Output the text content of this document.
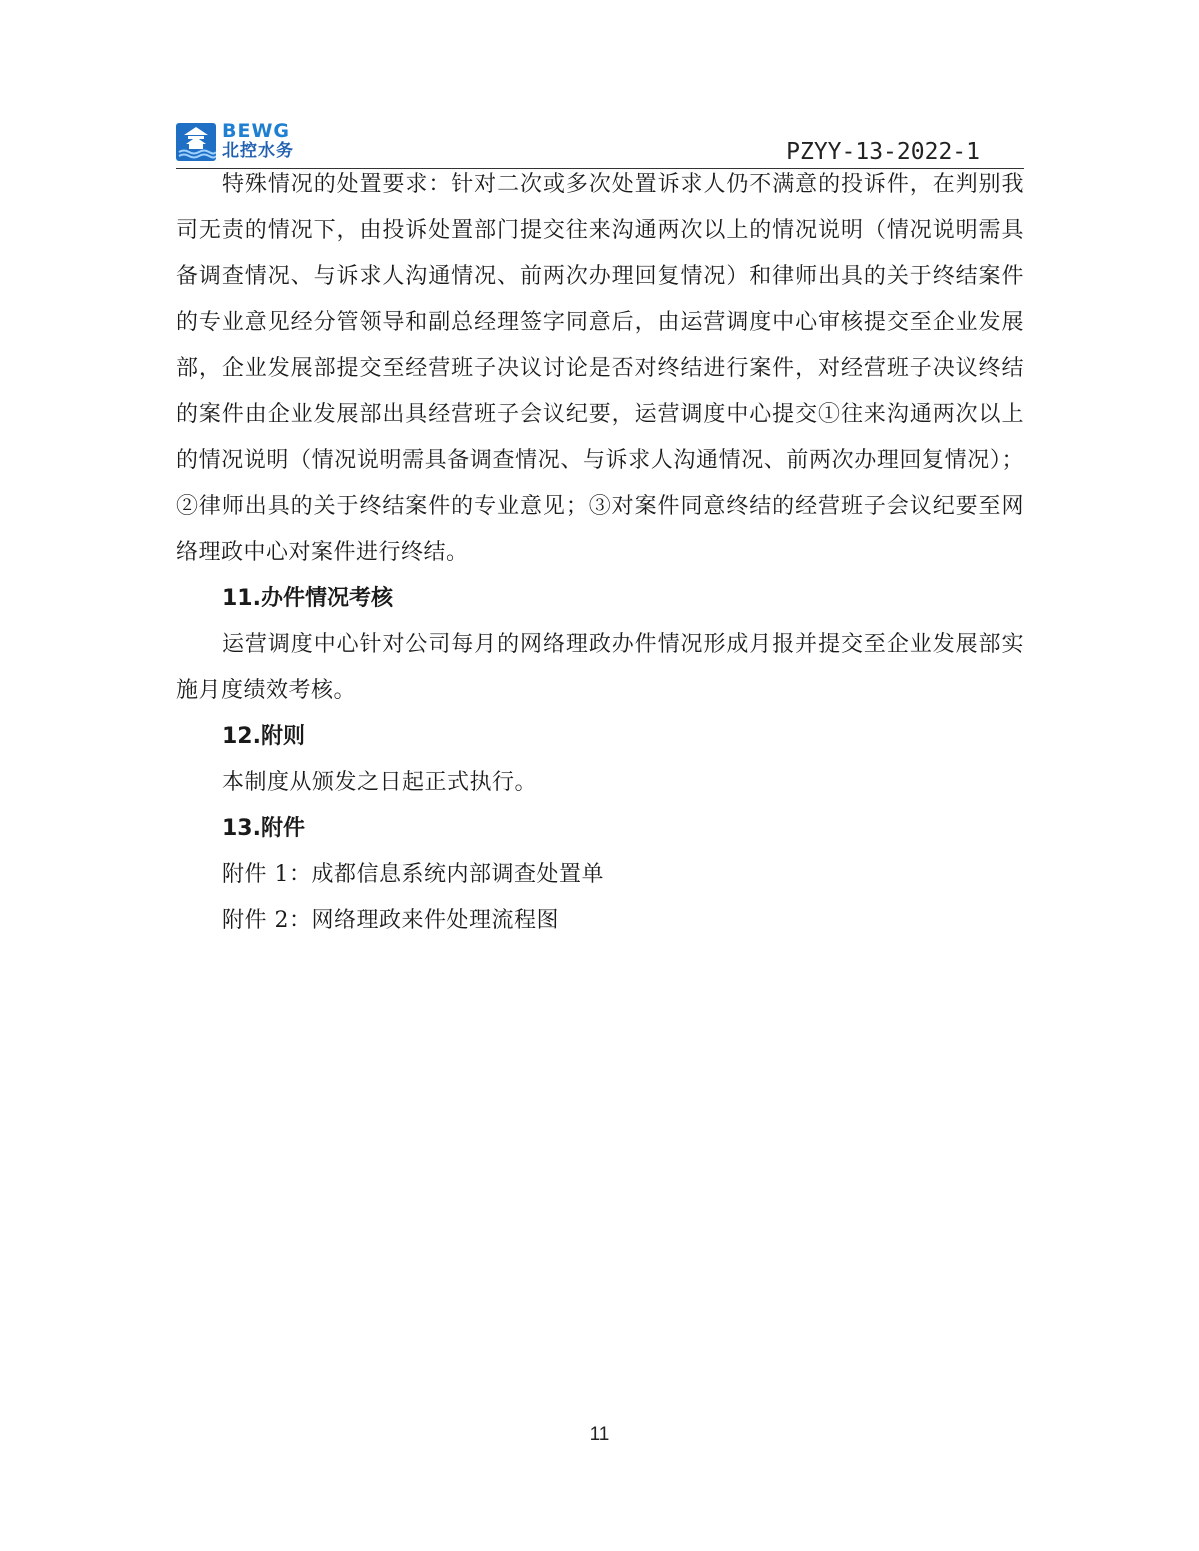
BEWG
北控水务	PZYY-13-2022-1

特殊情况的处置要求：针对二次或多次处置诉求人仍不满意的投诉件，在判别我司无责的情况下，由投诉处置部门提交往来沟通两次以上的情况说明（情况说明需具备调查情况、与诉求人沟通情况、前两次办理回复情况）和律师出具的关于终结案件的专业意见经分管领导和副总经理签字同意后，由运营调度中心审核提交至企业发展部，企业发展部提交至经营班子决议讨论是否对终结进行案件，对经营班子决议终结的案件由企业发展部出具经营班子会议纪要，运营调度中心提交①往来沟通两次以上的情况说明（情况说明需具备调查情况、与诉求人沟通情况、前两次办理回复情况）；②律师出具的关于终结案件的专业意见；③对案件同意终结的经营班子会议纪要至网络理政中心对案件进行终结。

11.办件情况考核

运营调度中心针对公司每月的网络理政办件情况形成月报并提交至企业发展部实施月度绩效考核。

12.附则

本制度从颁发之日起正式执行。

13.附件

附件 1：成都信息系统内部调查处置单

附件 2：网络理政来件处理流程图

11
